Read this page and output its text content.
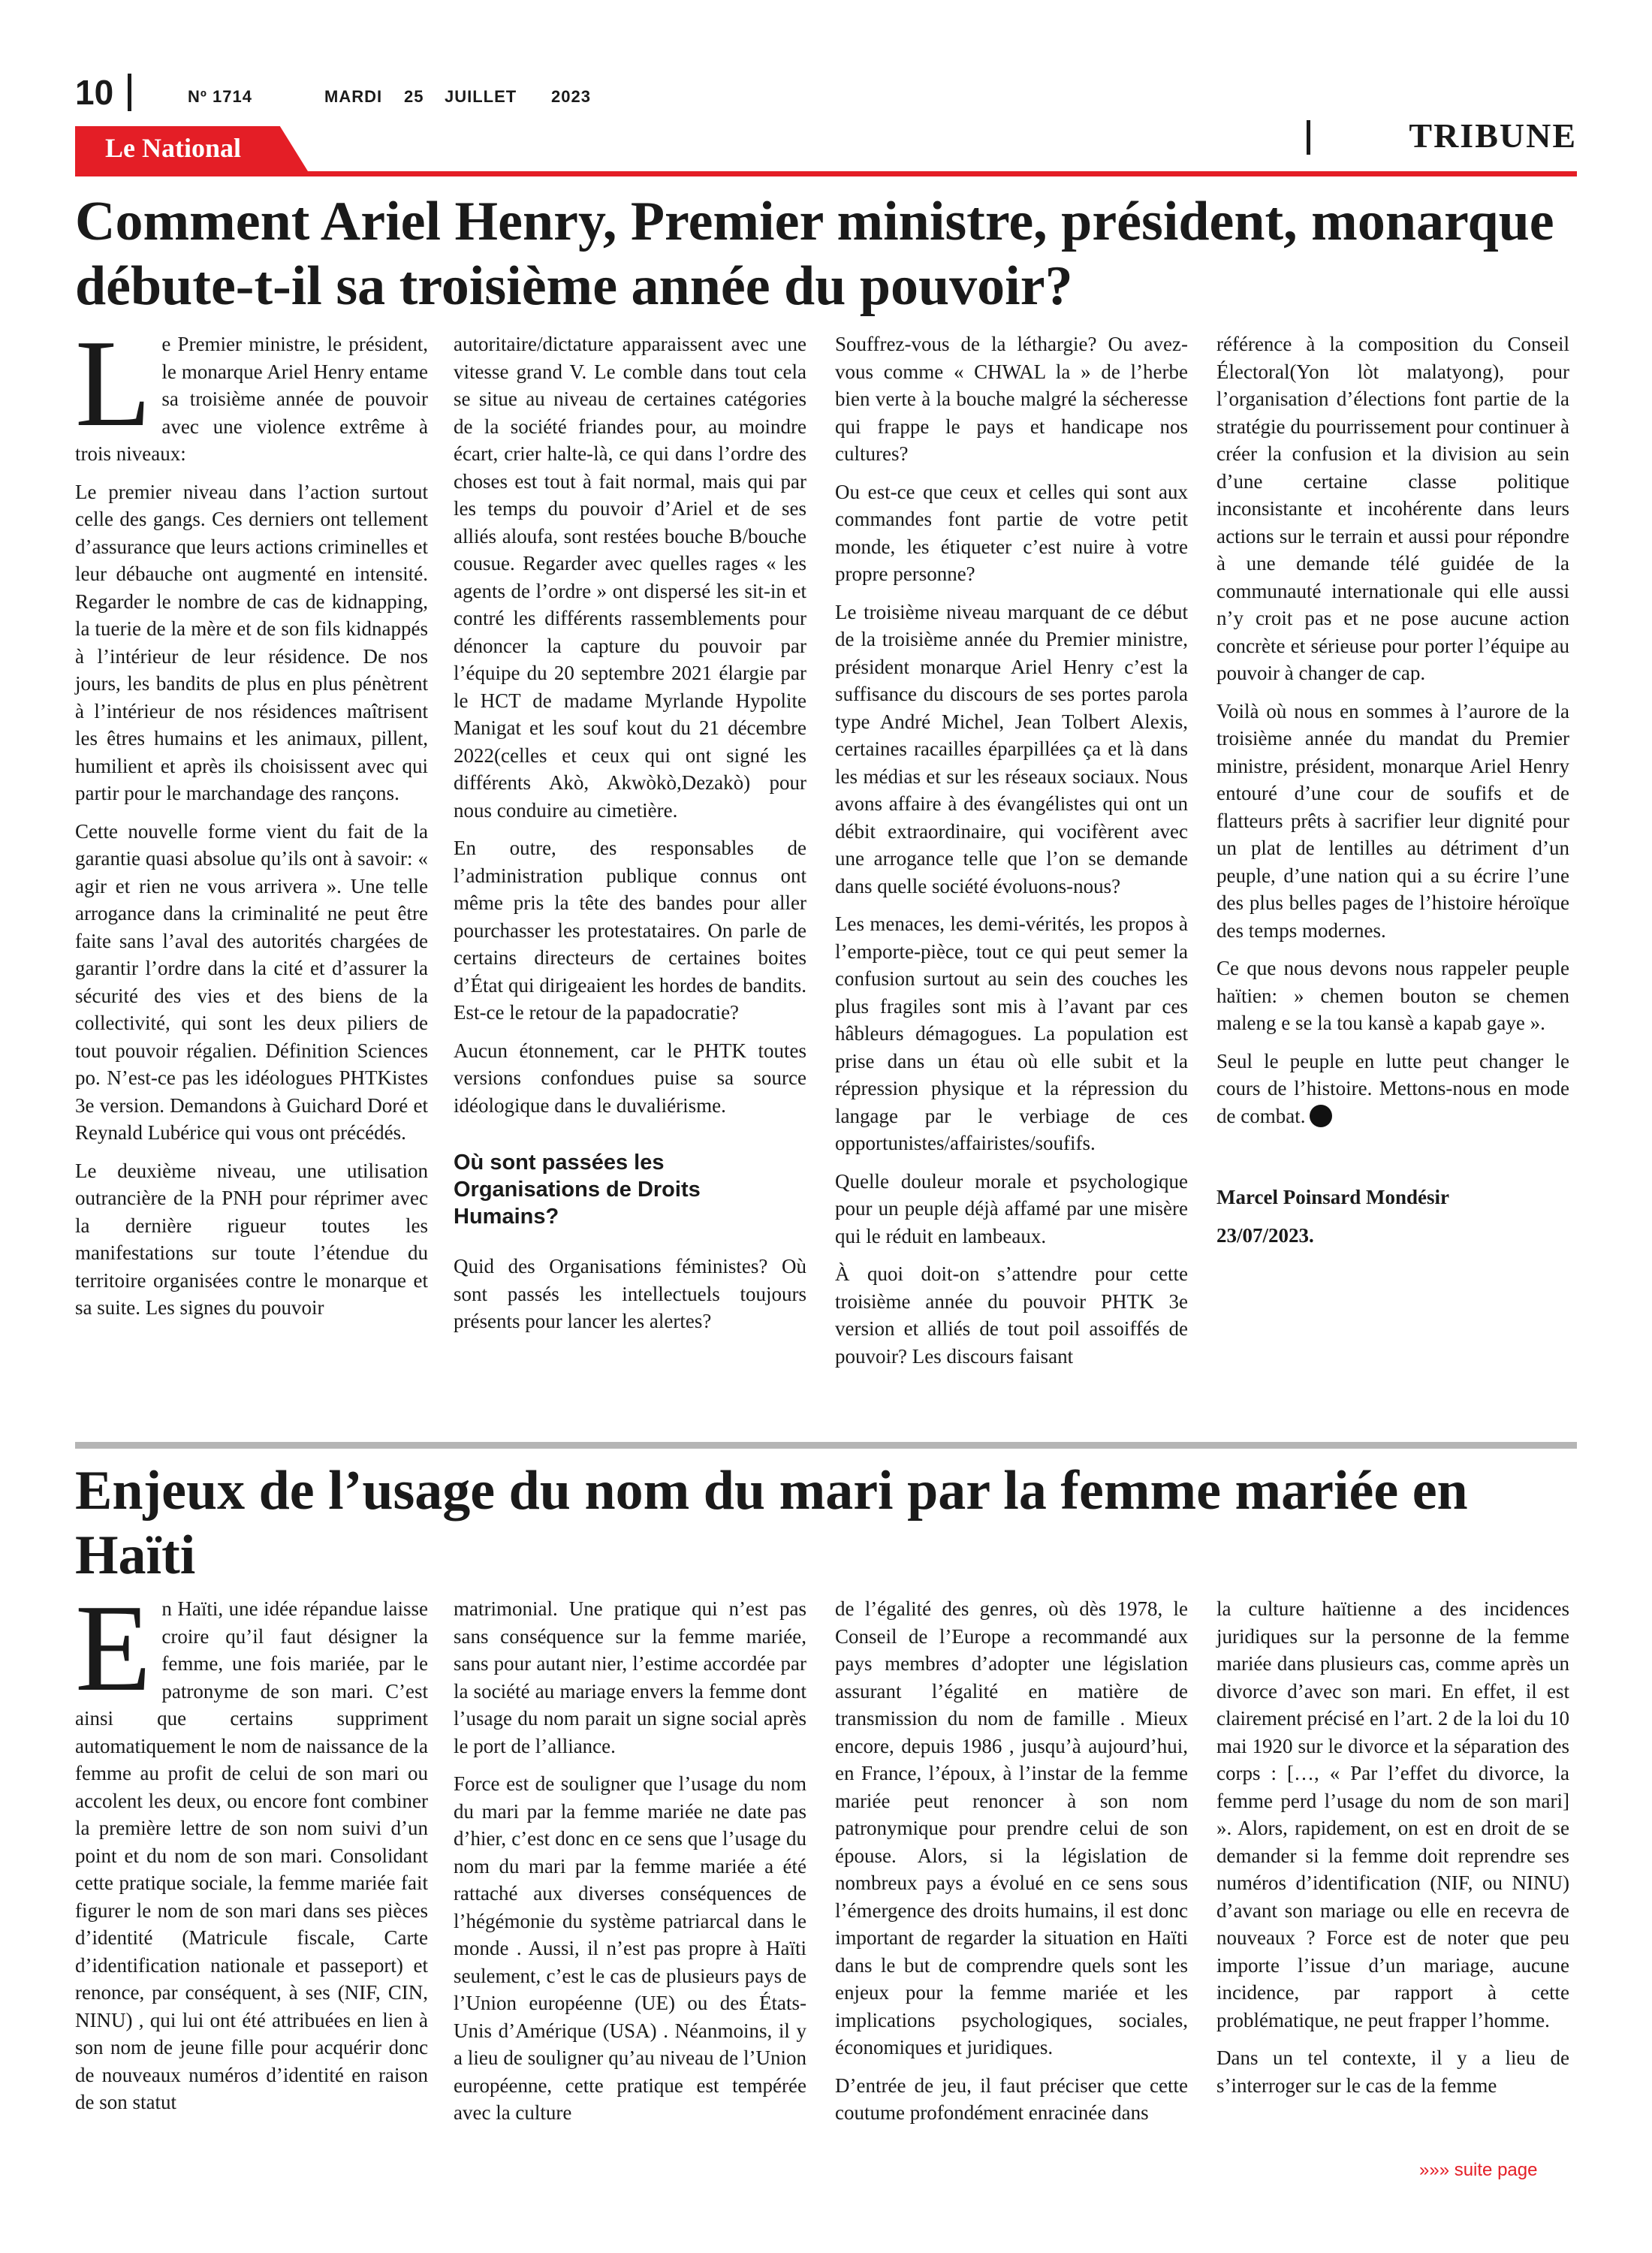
10	Nº 1714	MARDI 25 JUILLET 2023
Le National	TRIBUNE
Comment Ariel Henry, Premier ministre, président, monarque débute-t-il sa troisième année du pouvoir?

Le Premier ministre, le président, le monarque Ariel Henry entame sa troisième année de pouvoir avec une violence extrême à trois niveaux:

Le premier niveau dans l’action surtout celle des gangs. Ces derniers ont tellement d’assurance que leurs actions criminelles et leur débauche ont augmenté en intensité. Regarder le nombre de cas de kidnapping, la tuerie de la mère et de son fils kidnappés à l’intérieur de leur résidence. De nos jours, les bandits de plus en plus pénètrent à l’intérieur de nos résidences maîtrisent les êtres humains et les animaux, pillent, humilient et après ils choisissent avec qui partir pour le marchandage des rançons.

Cette nouvelle forme vient du fait de la garantie quasi absolue qu’ils ont à savoir: « agir et rien ne vous arrivera ». Une telle arrogance dans la criminalité ne peut être faite sans l’aval des autorités chargées de garantir l’ordre dans la cité et d’assurer la sécurité des vies et des biens de la collectivité, qui sont les deux piliers de tout pouvoir régalien. Définition Sciences po. N’est-ce pas les idéologues PHTKistes 3e version. Demandons à Guichard Doré et Reynald Lubérice qui vous ont précédés.

Le deuxième niveau, une utilisation outrancière de la PNH pour réprimer avec la dernière rigueur toutes les manifestations sur toute l’étendue du territoire organisées contre le monarque et sa suite. Les signes du pouvoir

autoritaire/dictature apparaissent avec une vitesse grand V. Le comble dans tout cela se situe au niveau de certaines catégories de la société friandes pour, au moindre écart, crier halte-là, ce qui dans l’ordre des choses est tout à fait normal, mais qui par les temps du pouvoir d’Ariel et de ses alliés aloufa, sont restées bouche B/bouche cousue. Regarder avec quelles rages « les agents de l’ordre » ont dispersé les sit-in et contré les différents rassemblements pour dénoncer la capture du pouvoir par l’équipe du 20 septembre 2021 élargie par le HCT de madame Myrlande Hypolite Manigat et les souf kout du 21 décembre 2022(celles et ceux qui ont signé les différents Akò, Akwòkò,Dezakò) pour nous conduire au cimetière.

En outre, des responsables de l’administration publique connus ont même pris la tête des bandes pour aller pourchasser les protestataires. On parle de certains directeurs de certaines boites d’État qui dirigeaient les hordes de bandits. Est-ce le retour de la papadocratie?

Aucun étonnement, car le PHTK toutes versions confondues puise sa source idéologique dans le duvaliérisme.

Où sont passées les Organisations de Droits Humains?

Quid des Organisations féministes? Où sont passés les intellectuels toujours présents pour lancer les alertes?

Souffrez-vous de la léthargie? Ou avez-vous comme « CHWAL la » de l’herbe bien verte à la bouche malgré la sécheresse qui frappe le pays et handicape nos cultures?

Ou est-ce que ceux et celles qui sont aux commandes font partie de votre petit monde, les étiqueter c’est nuire à votre propre personne?

Le troisième niveau marquant de ce début de la troisième année du Premier ministre, président monarque Ariel Henry c’est la suffisance du discours de ses portes parola type André Michel, Jean Tolbert Alexis, certaines racailles éparpillées ça et là dans les médias et sur les réseaux sociaux. Nous avons affaire à des évangélistes qui ont un débit extraordinaire, qui vocifèrent avec une arrogance telle que l’on se demande dans quelle société évoluons-nous?

Les menaces, les demi-vérités, les propos à l’emporte-pièce, tout ce qui peut semer la confusion surtout au sein des couches les plus fragiles sont mis à l’avant par ces hâbleurs démagogues. La population est prise dans un étau où elle subit et la répression physique et la répression du langage par le verbiage de ces opportunistes/affairistes/soufifs.

Quelle douleur morale et psychologique pour un peuple déjà affamé par une misère qui le réduit en lambeaux.

À quoi doit-on s’attendre pour cette troisième année du pouvoir PHTK 3e version et alliés de tout poil assoiffés de pouvoir? Les discours faisant

référence à la composition du Conseil Électoral(Yon lòt malatyong), pour l’organisation d’élections font partie de la stratégie du pourrissement pour continuer à créer la confusion et la division au sein d’une certaine classe politique inconsistante et incohérente dans leurs actions sur le terrain et aussi pour répondre à une demande télé guidée de la communauté internationale qui elle aussi n’y croit pas et ne pose aucune action concrète et sérieuse pour porter l’équipe au pouvoir à changer de cap.

Voilà où nous en sommes à l’aurore de la troisième année du mandat du Premier ministre, président, monarque Ariel Henry entouré d’une cour de soufifs et de flatteurs prêts à sacrifier leur dignité pour un plat de lentilles au détriment d’un peuple, d’une nation qui a su écrire l’une des plus belles pages de l’histoire héroïque des temps modernes.

Ce que nous devons nous rappeler peuple haïtien: » chemen bouton se chemen maleng e se la tou kansè a kapab gaye ».

Seul le peuple en lutte peut changer le cours de l’histoire. Mettons-nous en mode de combat.

Marcel Poinsard Mondésir

23/07/2023.

Enjeux de l’usage du nom du mari par la femme mariée en Haïti

En Haïti, une idée répandue laisse croire qu’il faut désigner la femme, une fois mariée, par le patronyme de son mari. C’est ainsi que certains suppriment automatiquement le nom de naissance de la femme au profit de celui de son mari ou accolent les deux, ou encore font combiner la première lettre de son nom suivi d’un point et du nom de son mari. Consolidant cette pratique sociale, la femme mariée fait figurer le nom de son mari dans ses pièces d’identité (Matricule fiscale, Carte d’identification nationale et passeport) et renonce, par conséquent, à ses (NIF, CIN, NINU) , qui lui ont été attribuées en lien à son nom de jeune fille pour acquérir donc de nouveaux numéros d’identité en raison de son statut

matrimonial. Une pratique qui n’est pas sans conséquence sur la femme mariée, sans pour autant nier, l’estime accordée par la société au mariage envers la femme dont l’usage du nom parait un signe social après le port de l’alliance.

Force est de souligner que l’usage du nom du mari par la femme mariée ne date pas d’hier, c’est donc en ce sens que l’usage du nom du mari par la femme mariée a été rattaché aux diverses conséquences de l’hégémonie du système patriarcal dans le monde . Aussi, il n’est pas propre à Haïti seulement, c’est le cas de plusieurs pays de l’Union européenne (UE) ou des États-Unis d’Amérique (USA) . Néanmoins, il y a lieu de souligner qu’au niveau de l’Union européenne, cette pratique est tempérée avec la culture

de l’égalité des genres, où dès 1978, le Conseil de l’Europe a recommandé aux pays membres d’adopter une législation assurant l’égalité en matière de transmission du nom de famille . Mieux encore, depuis 1986 , jusqu’à aujourd’hui, en France, l’époux, à l’instar de la femme mariée peut renoncer à son nom patronymique pour prendre celui de son épouse. Alors, si la législation de nombreux pays a évolué en ce sens sous l’émergence des droits humains, il est donc important de regarder la situation en Haïti dans le but de comprendre quels sont les enjeux pour la femme mariée et les implications psychologiques, sociales, économiques et juridiques.

D’entrée de jeu, il faut préciser que cette coutume profondément enracinée dans

la culture haïtienne a des incidences juridiques sur la personne de la femme mariée dans plusieurs cas, comme après un divorce d’avec son mari. En effet, il est clairement précisé en l’art. 2 de la loi du 10 mai 1920 sur le divorce et la séparation des corps : […, « Par l’effet du divorce, la femme perd l’usage du nom de son mari] ». Alors, rapidement, on est en droit de se demander si la femme doit reprendre ses numéros d’identification (NIF, ou NINU) d’avant son mariage ou elle en recevra de nouveaux ? Force est de noter que peu importe l’issue d’un mariage, aucune incidence, par rapport à cette problématique, ne peut frapper l’homme.

Dans un tel contexte, il y a lieu de s’interroger sur le cas de la femme

»»» suite page
